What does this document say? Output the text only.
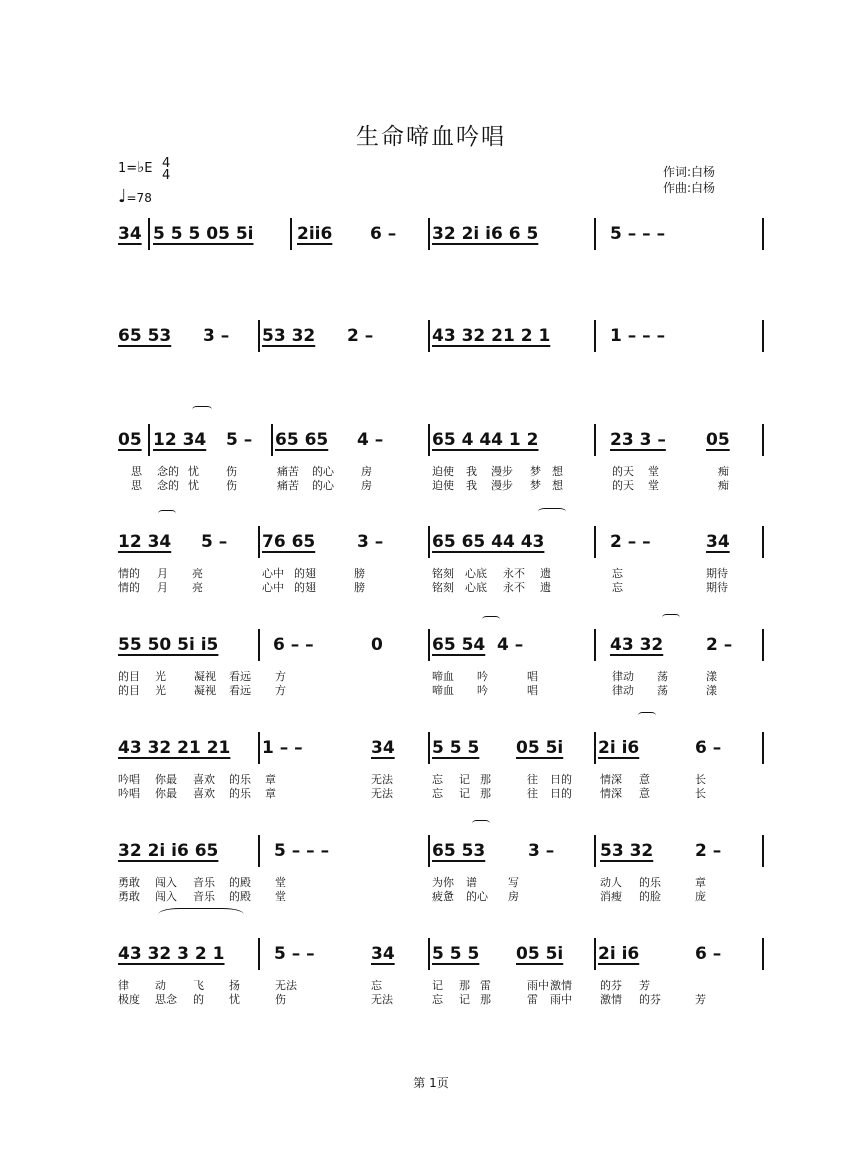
生命啼血吟唱
1=♭E 4
4
♩=78
作词:白杨
作曲:白杨
34 5 5 5 05 5i	2ii6 6 – 32 2i i6 6 5	5 – – –
65 53 3 – 53 32 2 –	43 32 21 2 1	1 – – –
05 12 34 5 – 65 65 4 –	65 4 44 1 2	23 3 – 05
思 念的 忧 伤	痛苦 的心 房	迫使 我 漫步 梦 想	的天 堂	痴
思 念的 忧 伤	痛苦 的心 房	迫使 我 漫步 梦 想	的天 堂	痴
12 34 5 – 76 65 3 –	65 65 44 43	2 – –	34
情的 月 亮	心中 的翅	膀	铭刻 心底 永不 遗	忘	期待
情的 月 亮	心中 的翅	膀	铭刻 心底 永不 遗	忘	期待
55 50 5i i5	6 – –	0	65 54 4 –	43 32	2 –
的目 光	凝视 看远 方	啼血 吟	唱	律动 荡	漾
的目 光	凝视 看远 方	啼血 吟	唱	律动 荡	漾
43 32 21 21 1 – –	34 5 5 5 05 5i 2i i6	6 –
吟唱 你最 喜欢 的乐 章	无法	忘 记 那	往 日的	情深 意	长
吟唱 你最 喜欢 的乐 章	无法	忘 记 那	往 日的	情深 意	长
32 2i i6 65	5 – – –	65 53	3 –	53 32 2 –
勇敢 闯入 音乐 的殿 堂	为你 谱	写	动人 的乐	章
勇敢 闯入 音乐 的殿 堂	疲惫 的心 房	消瘦 的脸	庞
43 32 3 2 1	5 – –	34 5 5 5 05 5i 2i i6	6 –
律 动 飞 扬	无法	忘	记 那 雷	雨中 激情	的芬 芳
极度 思念 的 忧	伤	无法	忘 记 那	雷 雨中	激情 的芬	芳
第 1页
